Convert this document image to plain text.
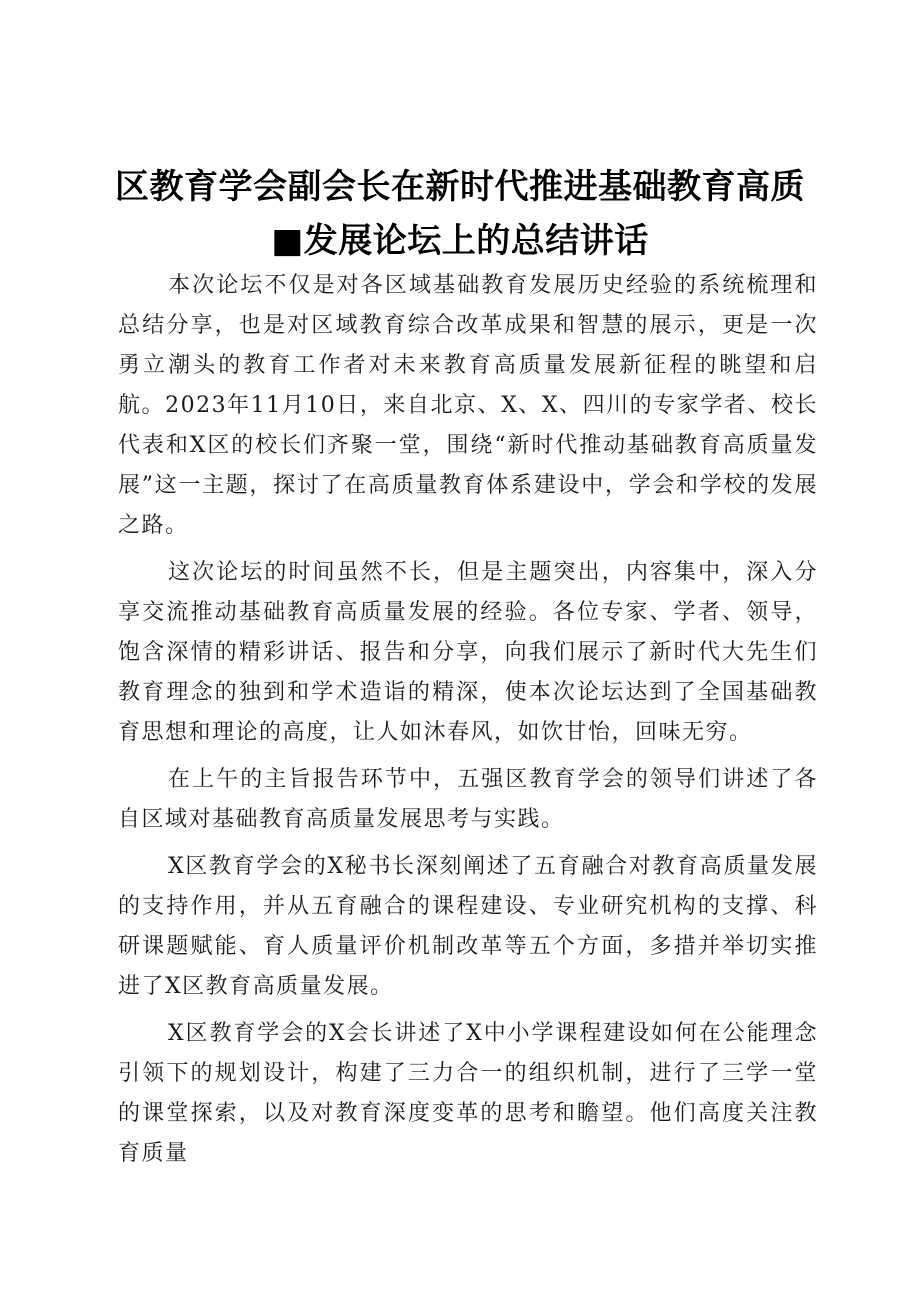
区教育学会副会长在新时代推进基础教育高质
■发展论坛上的总结讲话

本次论坛不仅是对各区域基础教育发展历史经验的系统梳理和总结分享，也是对区域教育综合改革成果和智慧的展示，更是一次勇立潮头的教育工作者对未来教育高质量发展新征程的眺望和启航。2023年11月10日，来自北京、X、X、四川的专家学者、校长代表和X区的校长们齐聚一堂，围绕“新时代推动基础教育高质量发展”这一主题，探讨了在高质量教育体系建设中，学会和学校的发展之路。

这次论坛的时间虽然不长，但是主题突出，内容集中，深入分享交流推动基础教育高质量发展的经验。各位专家、学者、领导，饱含深情的精彩讲话、报告和分享，向我们展示了新时代大先生们教育理念的独到和学术造诣的精深，使本次论坛达到了全国基础教育思想和理论的高度，让人如沐春风，如饮甘怡，回味无穷。

在上午的主旨报告环节中，五强区教育学会的领导们讲述了各自区域对基础教育高质量发展思考与实践。

X区教育学会的X秘书长深刻阐述了五育融合对教育高质量发展的支持作用，并从五育融合的课程建设、专业研究机构的支撑、科研课题赋能、育人质量评价机制改革等五个方面，多措并举切实推进了X区教育高质量发展。

X区教育学会的X会长讲述了X中小学课程建设如何在公能理念引领下的规划设计，构建了三力合一的组织机制，进行了三学一堂的课堂探索，以及对教育深度变革的思考和瞻望。他们高度关注教育质量
